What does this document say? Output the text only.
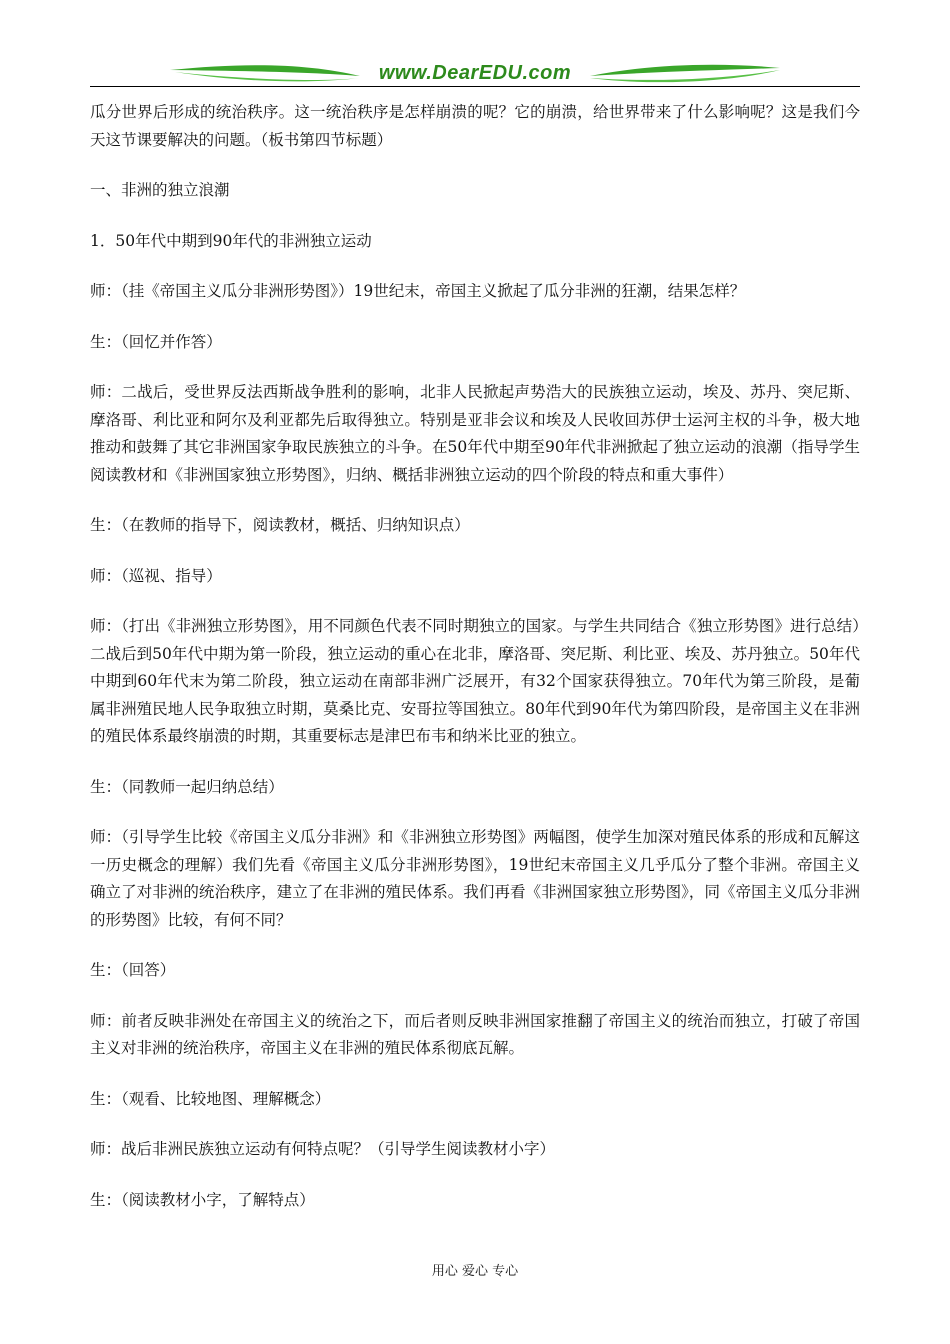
www.DearEDU.com

瓜分世界后形成的统治秩序。这一统治秩序是怎样崩溃的呢？它的崩溃，给世界带来了什么影响呢？这是我们今天这节课要解决的问题。（板书第四节标题）

一、非洲的独立浪潮

1．50年代中期到90年代的非洲独立运动

师：（挂《帝国主义瓜分非洲形势图》）19世纪末，帝国主义掀起了瓜分非洲的狂潮，结果怎样？

生：（回忆并作答）

师：二战后，受世界反法西斯战争胜利的影响，北非人民掀起声势浩大的民族独立运动，埃及、苏丹、突尼斯、摩洛哥、利比亚和阿尔及利亚都先后取得独立。特别是亚非会议和埃及人民收回苏伊士运河主权的斗争，极大地推动和鼓舞了其它非洲国家争取民族独立的斗争。在50年代中期至90年代非洲掀起了独立运动的浪潮（指导学生阅读教材和《非洲国家独立形势图》，归纳、概括非洲独立运动的四个阶段的特点和重大事件）

生：（在教师的指导下，阅读教材，概括、归纳知识点）

师：（巡视、指导）

师：（打出《非洲独立形势图》，用不同颜色代表不同时期独立的国家。与学生共同结合《独立形势图》进行总结）二战后到50年代中期为第一阶段，独立运动的重心在北非，摩洛哥、突尼斯、利比亚、埃及、苏丹独立。50年代中期到60年代末为第二阶段，独立运动在南部非洲广泛展开，有32个国家获得独立。70年代为第三阶段，是葡属非洲殖民地人民争取独立时期，莫桑比克、安哥拉等国独立。80年代到90年代为第四阶段，是帝国主义在非洲的殖民体系最终崩溃的时期，其重要标志是津巴布韦和纳米比亚的独立。

生：（同教师一起归纳总结）

师：（引导学生比较《帝国主义瓜分非洲》和《非洲独立形势图》两幅图，使学生加深对殖民体系的形成和瓦解这一历史概念的理解）我们先看《帝国主义瓜分非洲形势图》，19世纪末帝国主义几乎瓜分了整个非洲。帝国主义确立了对非洲的统治秩序，建立了在非洲的殖民体系。我们再看《非洲国家独立形势图》，同《帝国主义瓜分非洲的形势图》比较，有何不同？

生：（回答）

师：前者反映非洲处在帝国主义的统治之下，而后者则反映非洲国家推翻了帝国主义的统治而独立，打破了帝国主义对非洲的统治秩序，帝国主义在非洲的殖民体系彻底瓦解。

生：（观看、比较地图、理解概念）

师：战后非洲民族独立运动有何特点呢？（引导学生阅读教材小字）

生：（阅读教材小字，了解特点）

用心 爱心 专心
